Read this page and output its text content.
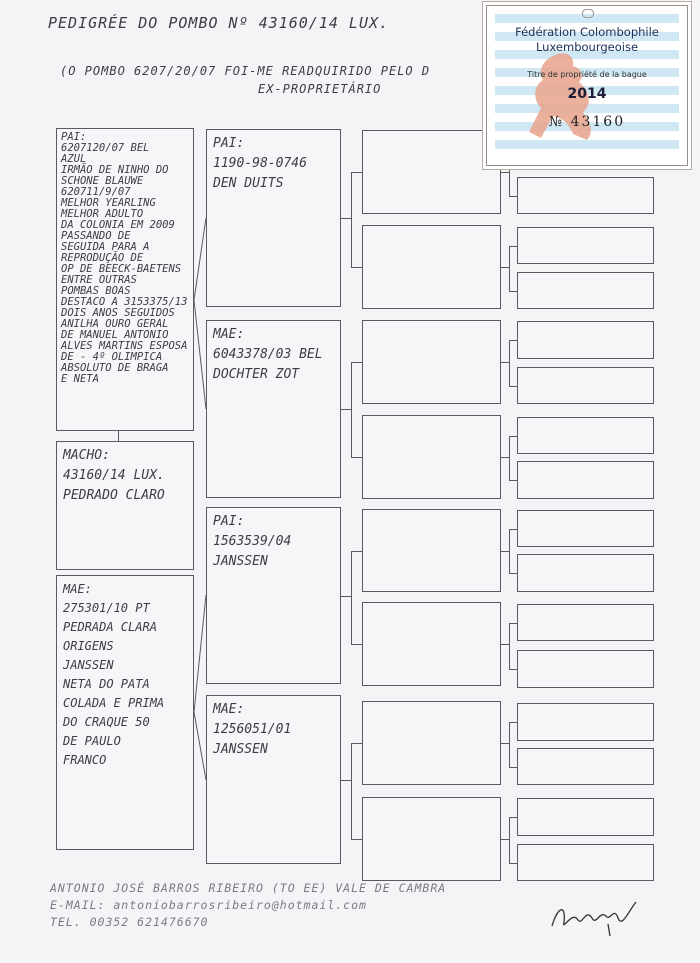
PEDIGRÉE DO POMBO Nº 43160/14 LUX.
(O POMBO 6207/20/07 FOI-ME READQUIRIDO PELO D
EX-PROPRIETÁRIO
PAI:
6207120/07 BEL
AZUL
IRMÃO DE NINHO DO
SCHONE BLAUWE
620711/9/07
MELHOR YEARLING
MELHOR ADULTO
DA COLONIA EM 2009
PASSANDO DE
SEGUIDA PARA A
REPRODUÇÃO DE
OP DE BEECK-BAETENS
ENTRE OUTRAS
POMBAS BOAS
DESTACO A 3153375/13
DOIS ANOS SEGUIDOS
ANILHA OURO GERAL
DE MANUEL ANTONIO
ALVES MARTINS ESPOSA
DE - 4º OLIMPICA
ABSOLUTO DE BRAGA
E NETA
MACHO:
43160/14 LUX.
PEDRADO CLARO
MAE:
275301/10 PT
PEDRADA CLARA
ORIGENS
JANSSEN
NETA DO PATA
COLADA E PRIMA
DO CRAQUE 50
DE PAULO
FRANCO
PAI:
1190-98-0746
DEN DUITS
MAE:
6043378/03 BEL
DOCHTER ZOT
PAI:
1563539/04
JANSSEN
MAE:
1256051/01
JANSSEN
ANTONIO JOSÉ BARROS RIBEIRO (TO EE) VALE DE CAMBRA
E-MAIL: antoniobarrosribeiro@hotmail.com
TEL. 00352 621476670
Fédération Colombophile
Luxembourgeoise
Titre de propriété de la bague
2014
№ 43160
